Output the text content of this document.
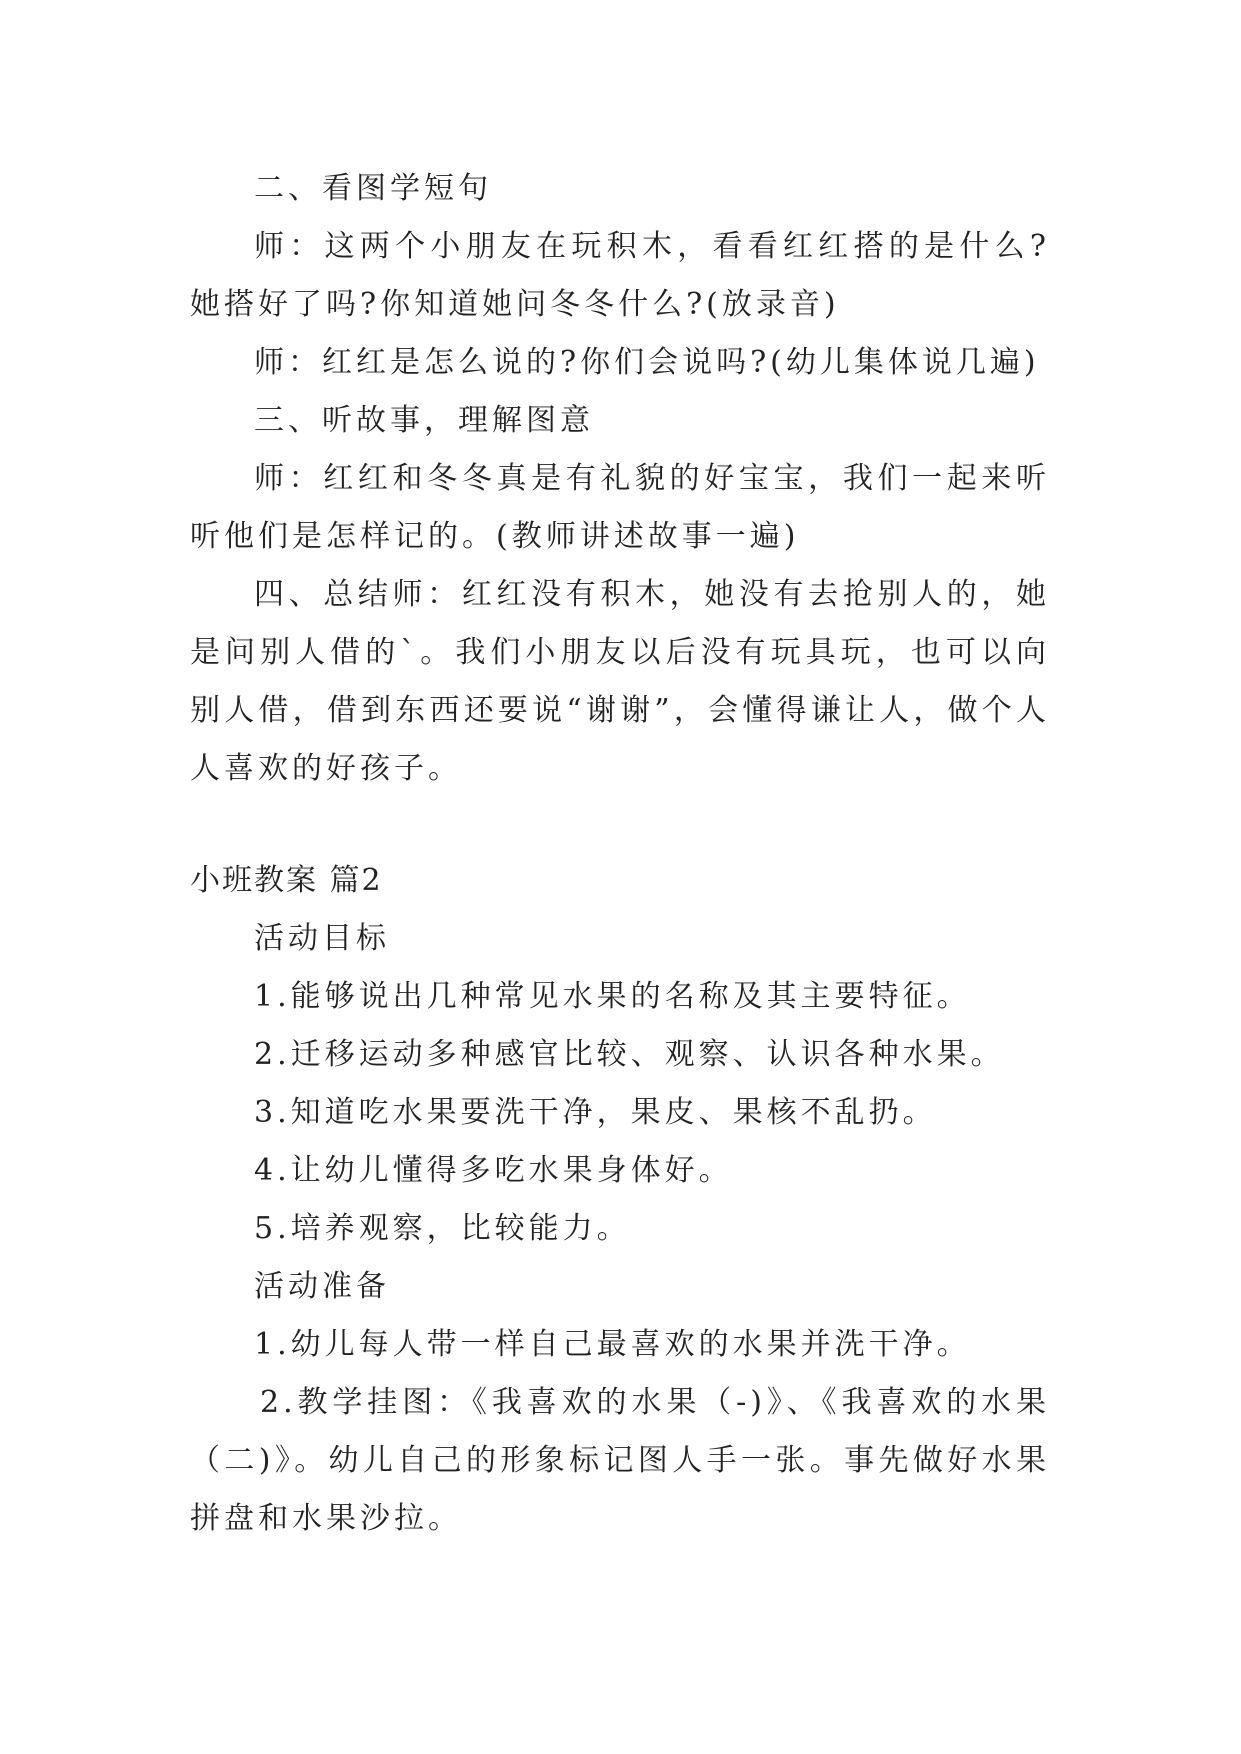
二、看图学短句

师：这两个小朋友在玩积木，看看红红搭的是什么?她搭好了吗?你知道她问冬冬什么?(放录音)

师：红红是怎么说的?你们会说吗?(幼儿集体说几遍)

三、听故事，理解图意

师：红红和冬冬真是有礼貌的好宝宝，我们一起来听听他们是怎样记的。(教师讲述故事一遍)

四、总结师：红红没有积木，她没有去抢别人的，她是问别人借的`。我们小朋友以后没有玩具玩，也可以向别人借，借到东西还要说“谢谢”，会懂得谦让人，做个人人喜欢的好孩子。

小班教案 篇2

活动目标

1.能够说出几种常见水果的名称及其主要特征。

2.迁移运动多种感官比较、观察、认识各种水果。

3.知道吃水果要洗干净，果皮、果核不乱扔。

4.让幼儿懂得多吃水果身体好。

5.培养观察，比较能力。

活动准备

1.幼儿每人带一样自己最喜欢的水果并洗干净。

2.教学挂图：《我喜欢的水果（-)》、《我喜欢的水果（二)》。幼儿自己的形象标记图人手一张。事先做好水果拼盘和水果沙拉。
